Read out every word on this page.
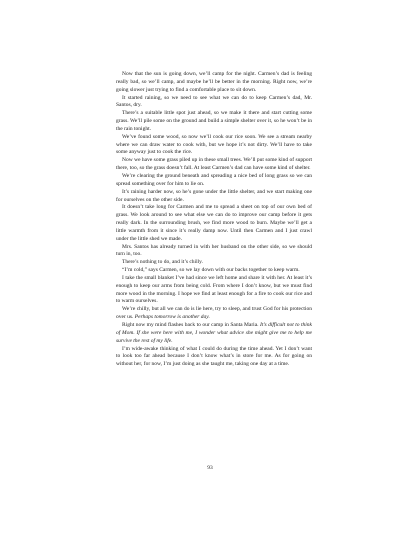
Now that the sun is going down, we’ll camp for the night. Carmen’s dad is feeling really bad, so we’ll camp, and maybe he’ll be better in the morning. Right now, we’re going slower just trying to find a comfortable place to sit down.

It started raining, so we need to see what we can do to keep Carmen’s dad, Mr. Santos, dry.

There’s a suitable little spot just ahead, so we make it there and start cutting some grass. We’ll pile some on the ground and build a simple shelter over it, so he won’t be in the rain tonight.

We’ve found some wood, so now we’ll cook our rice soon. We see a stream nearby where we can draw water to cook with, but we hope it’s not dirty. We’ll have to take some anyway just to cook the rice.

Now we have some grass piled up in these small trees. We’ll put some kind of support there, too, so the grass doesn’t fall. At least Carmen’s dad can have some kind of shelter.

We’re clearing the ground beneath and spreading a nice bed of long grass so we can spread something over for him to lie on.

It’s raining harder now, so he’s gone under the little shelter, and we start making one for ourselves on the other side.

It doesn’t take long for Carmen and me to spread a sheet on top of our own bed of grass. We look around to see what else we can do to improve our camp before it gets really dark. In the surrounding brush, we find more wood to burn. Maybe we’ll get a little warmth from it since it’s really damp now. Until then Carmen and I just crawl under the little shed we made.

Mrs. Santos has already turned in with her husband on the other side, so we should turn in, too.

There’s nothing to do, and it’s chilly.

“I’m cold,” says Carmen, so we lay down with our backs together to keep warm.

I take the small blanket I’ve had since we left home and share it with her. At least it’s enough to keep our arms from being cold. From where I don’t know, but we must find more wood in the morning. I hope we find at least enough for a fire to cook our rice and to warm ourselves.

We’re chilly, but all we can do is lie here, try to sleep, and trust God for his protection over us. Perhaps tomorrow is another day.

Right now my mind flashes back to our camp in Santa Maria. It’s difficult not to think of Mom. If she were here with me, I wonder what advice she might give me to help me survive the rest of my life.

I’m wide-awake thinking of what I could do during the time ahead. Yet I don’t want to look too far ahead because I don’t know what’s in store for me. As for going on without her, for now, I’m just doing as she taught me, taking one day at a time.

93
